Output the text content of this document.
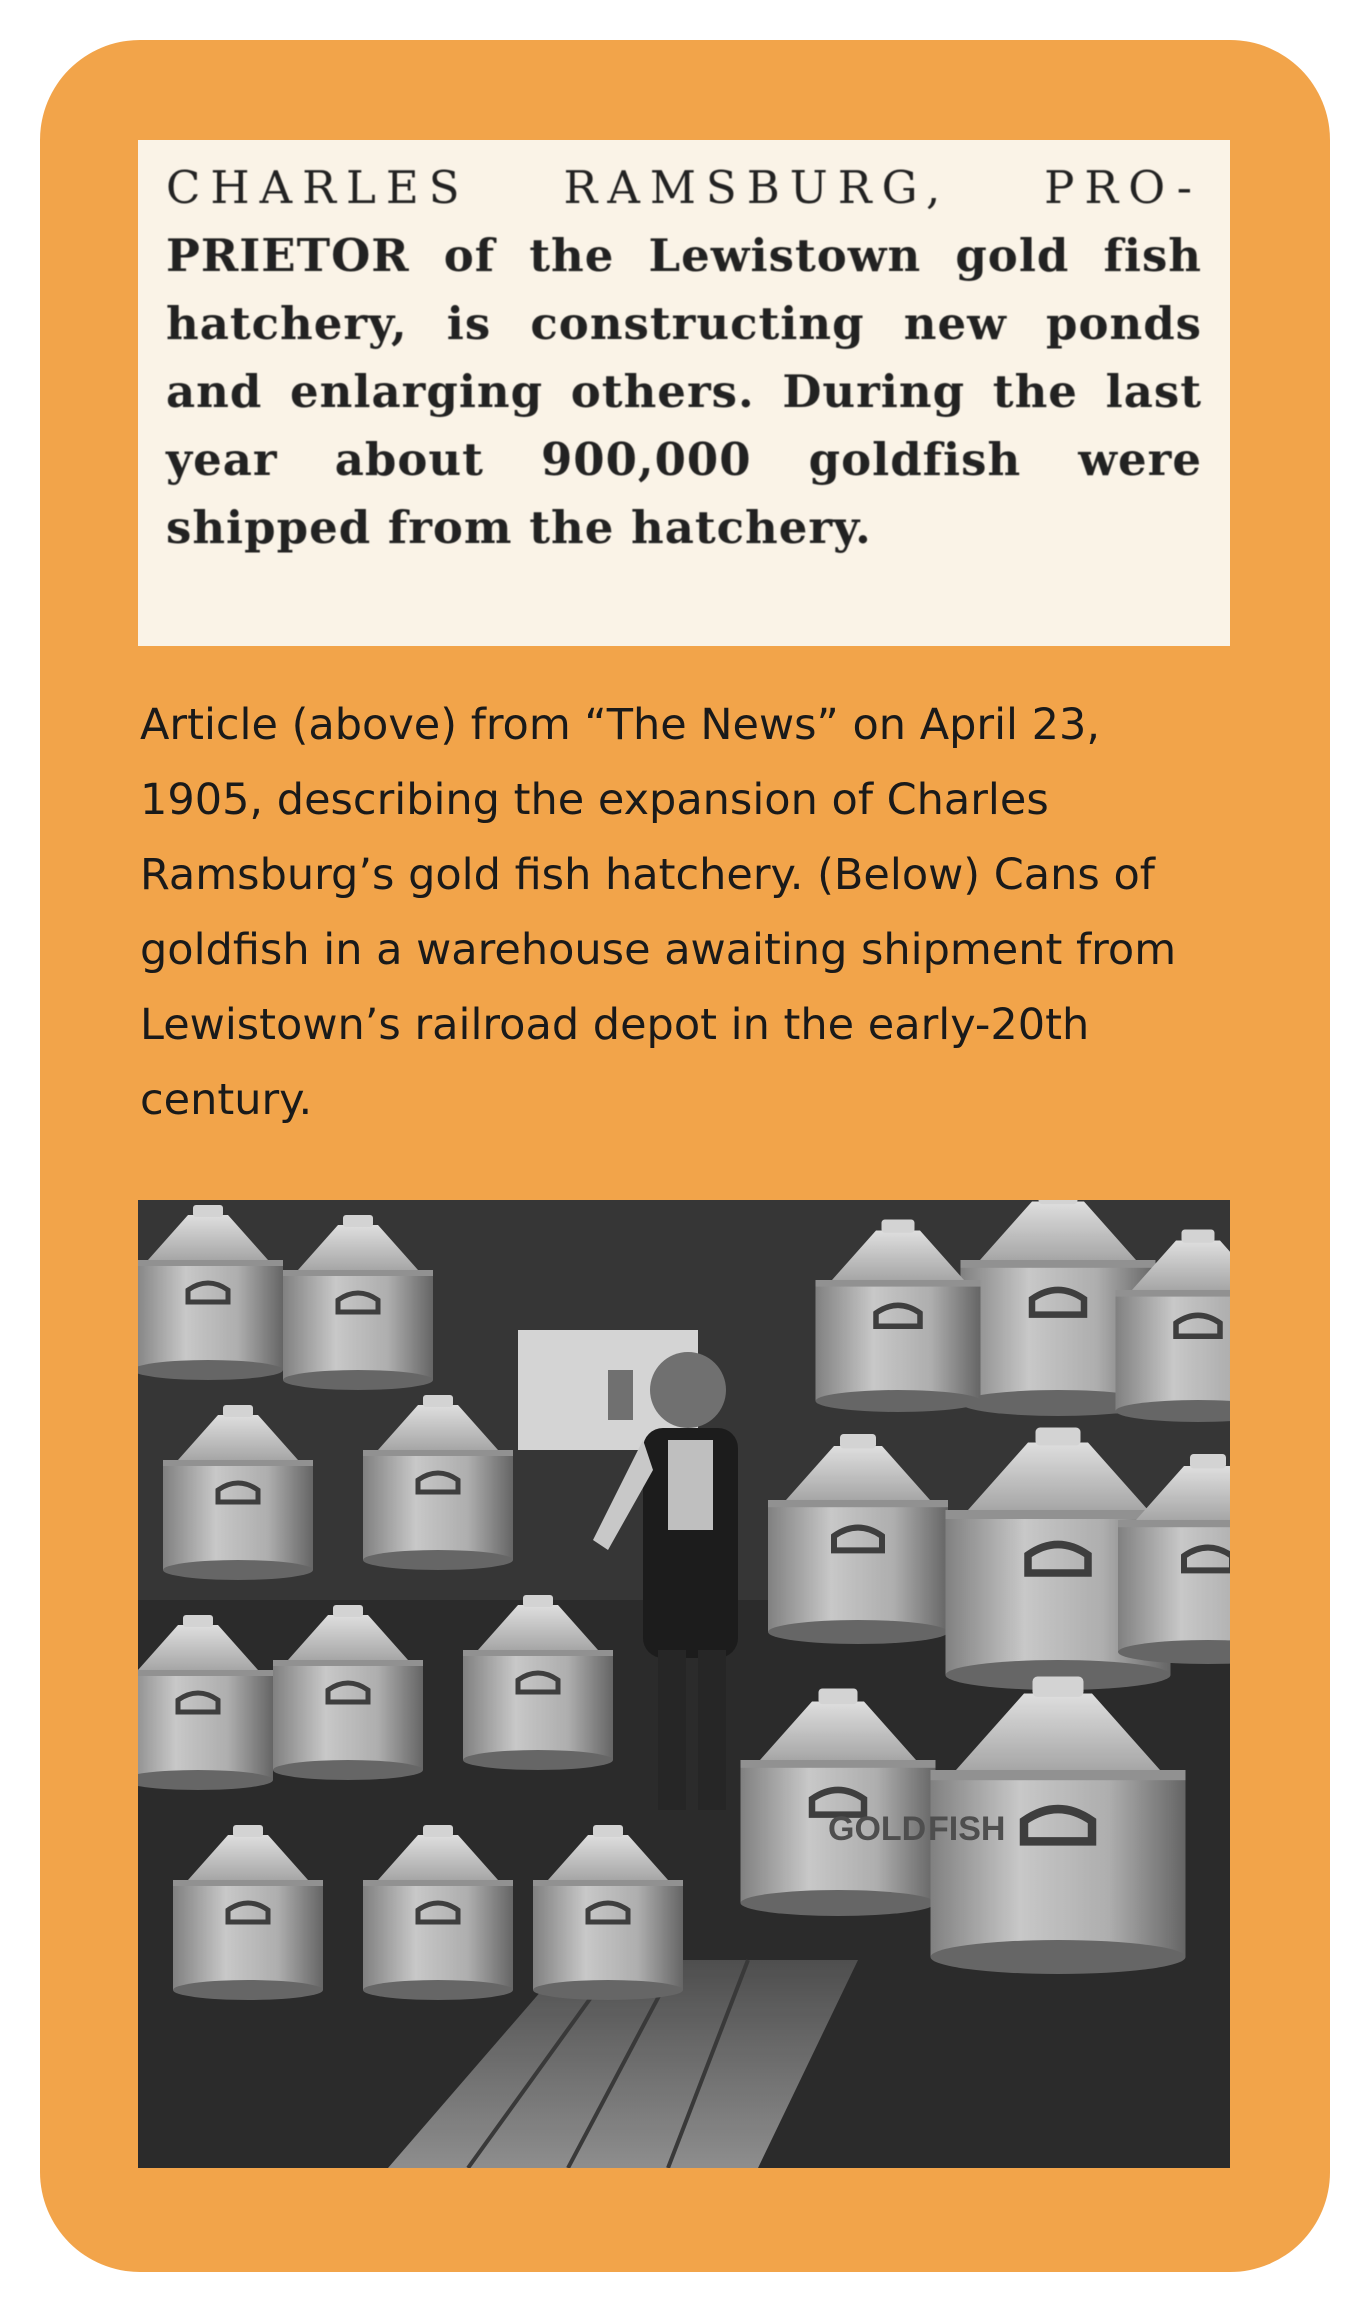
CHARLES RAMSBURG, PRO- PRIETOR of the Lewistown gold fish hatchery, is constructing new ponds and enlarging others. During the last year about 900,000 goldfish were shipped from the hatchery.

Article (above) from “The News” on April 23, 1905, describing the expansion of Charles Ramsburg’s gold fish hatchery. (Below) Cans of goldfish in a warehouse awaiting shipment from Lewistown’s railroad depot in the early-20th century.

GOLD FISH
